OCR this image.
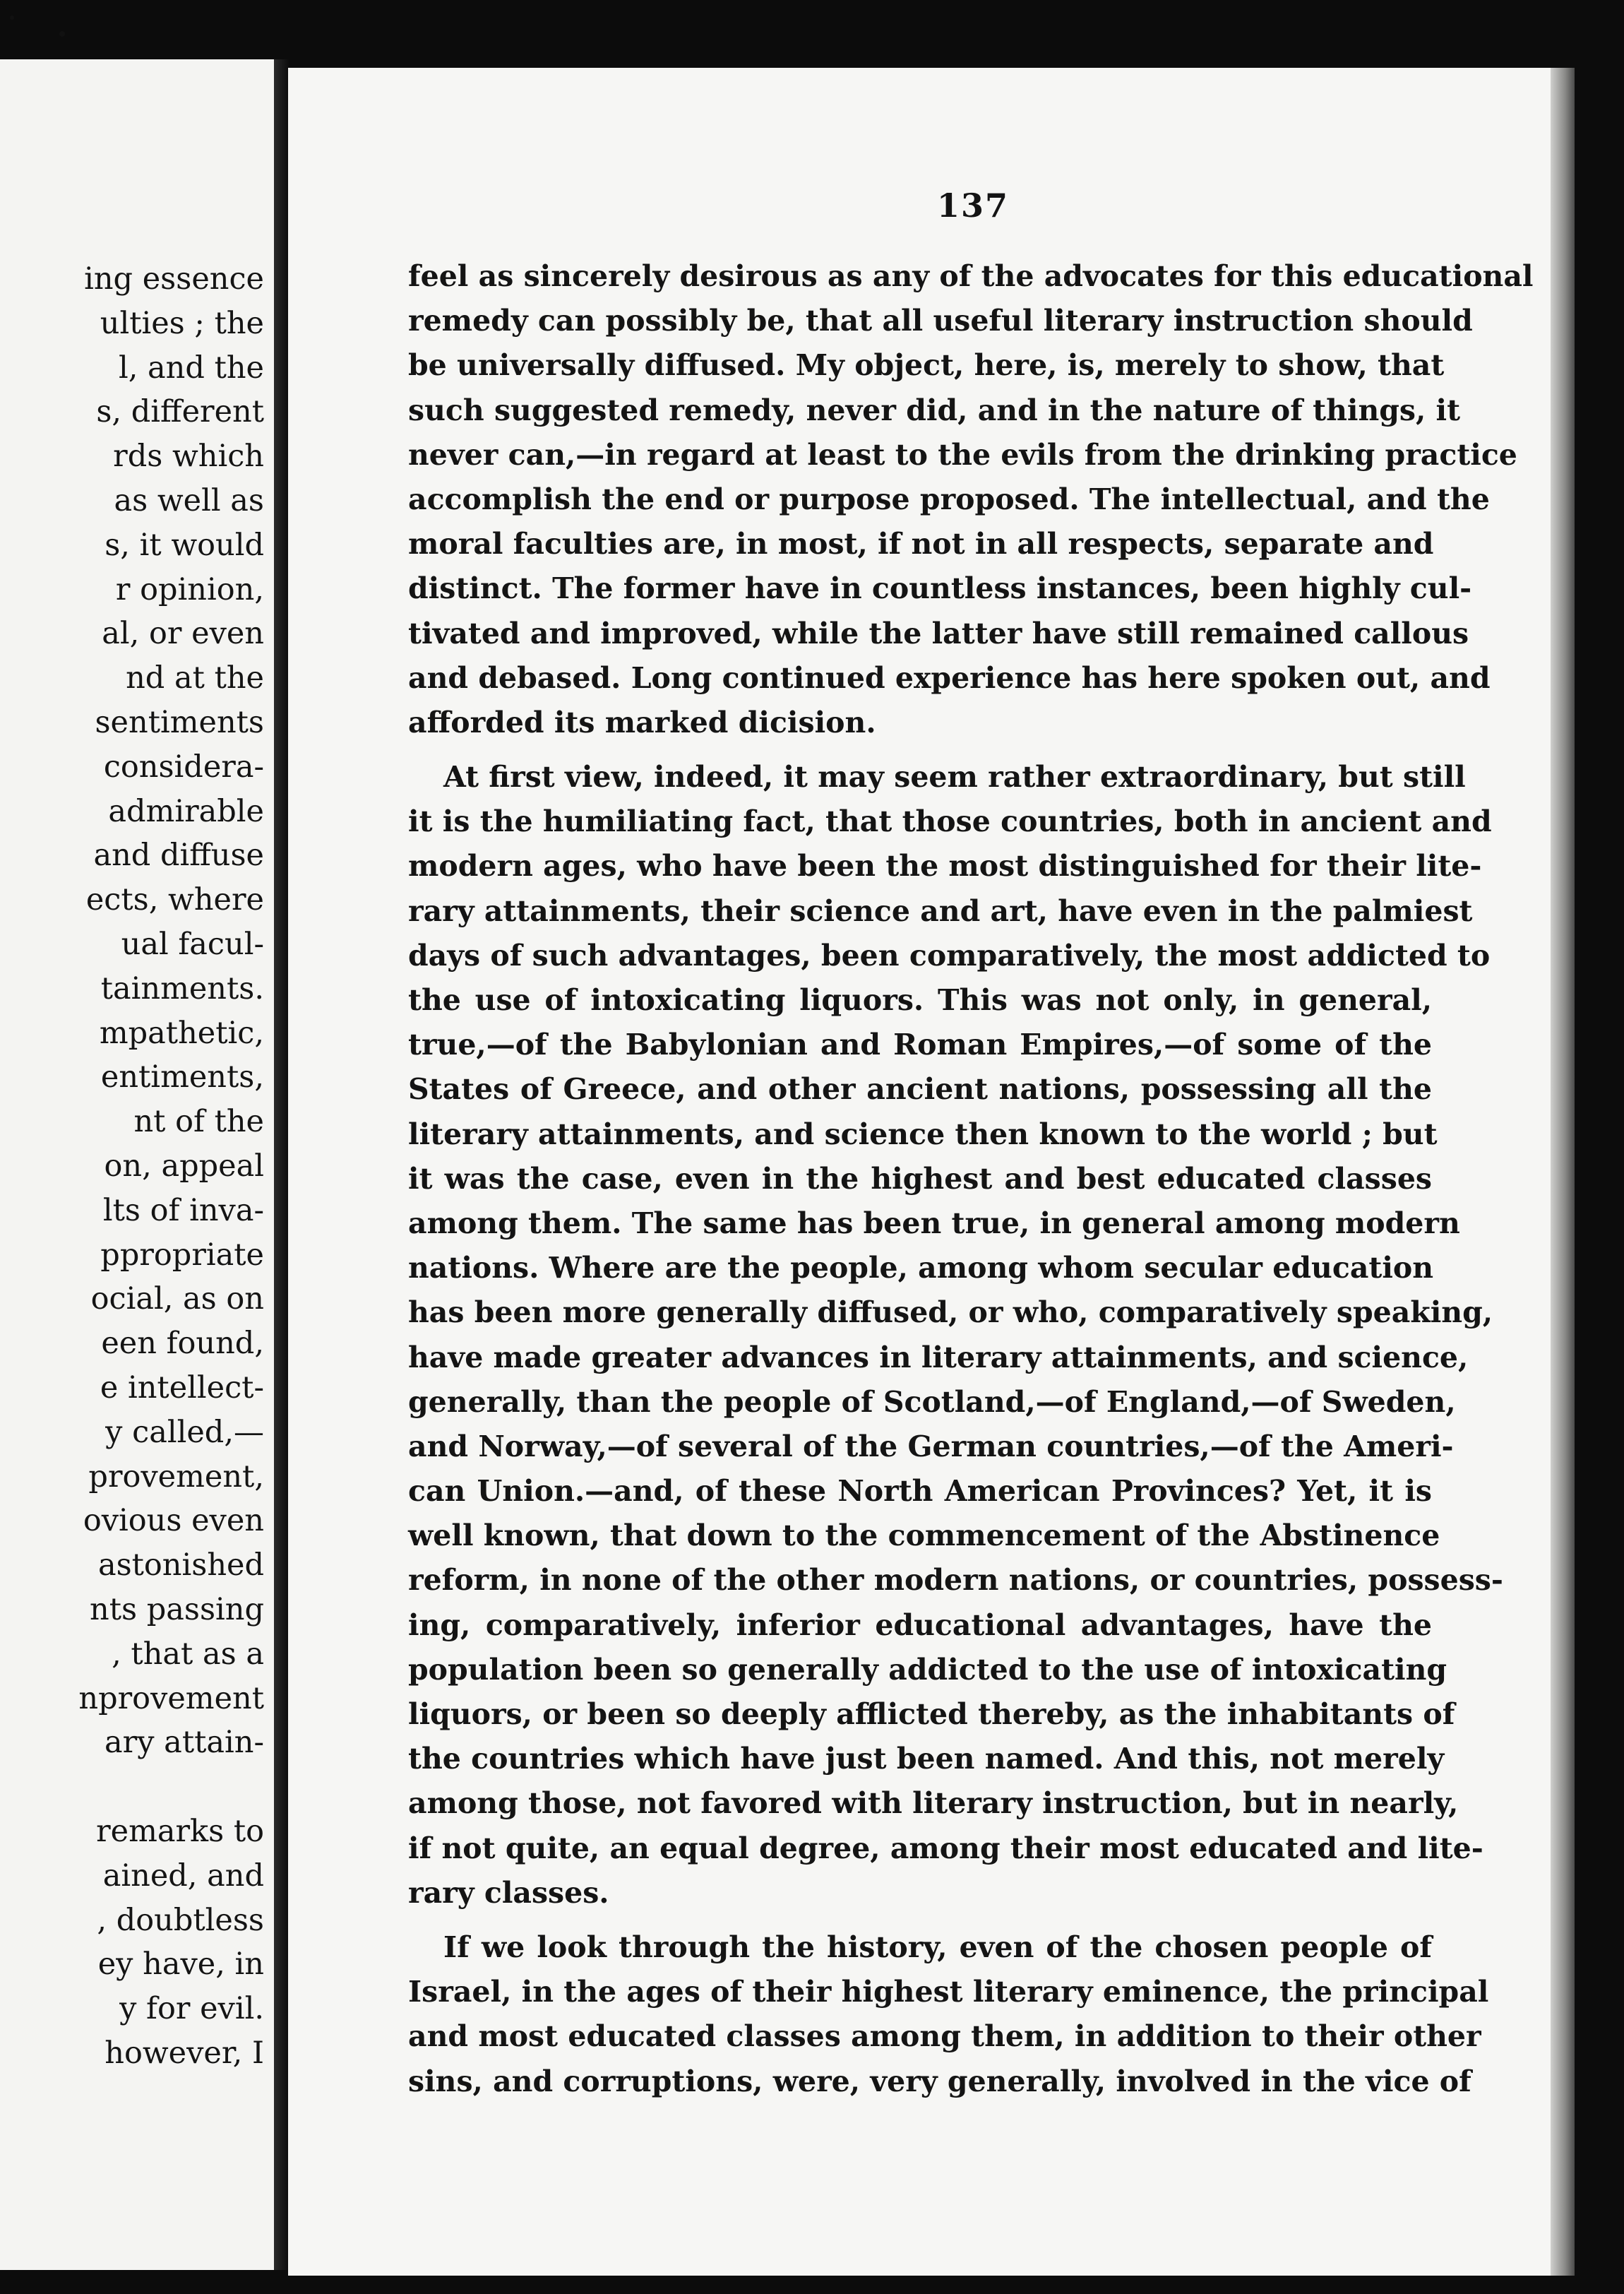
ing essence
ulties ; the
l, and the
s, different
rds which
as well as
s, it would
r opinion,
al, or even
nd at the
sentiments
considera-
admirable
and diffuse
ects, where
ual facul-
tainments.
mpathetic,
entiments,
nt of the
on, appeal
lts of inva-
ppropriate
ocial, as on
een found,
e intellect-
y called,—
provement,
ovious even
astonished
nts passing
, that as a
nprovement
ary attain-
remarks to
ained, and
, doubtless
ey have, in
y for evil.
however, I
137
feel as sincerely desirous as any of the advocates for this educational
remedy can possibly be, that all useful literary instruction should
be universally diffused. My object, here, is, merely to show, that
such suggested remedy, never did, and in the nature of things, it
never can,—in regard at least to the evils from the drinking practice
accomplish the end or purpose proposed. The intellectual, and the
moral faculties are, in most, if not in all respects, separate and
distinct. The former have in countless instances, been highly cul-
tivated and improved, while the latter have still remained callous
and debased. Long continued experience has here spoken out, and
afforded its marked dicision.
At first view, indeed, it may seem rather extraordinary, but still
it is the humiliating fact, that those countries, both in ancient and
modern ages, who have been the most distinguished for their lite-
rary attainments, their science and art, have even in the palmiest
days of such advantages, been comparatively, the most addicted to
the use of intoxicating liquors. This was not only, in general,
true,—of the Babylonian and Roman Empires,—of some of the
States of Greece, and other ancient nations, possessing all the
literary attainments, and science then known to the world ; but
it was the case, even in the highest and best educated classes
among them. The same has been true, in general among modern
nations. Where are the people, among whom secular education
has been more generally diffused, or who, comparatively speaking,
have made greater advances in literary attainments, and science,
generally, than the people of Scotland,—of England,—of Sweden,
and Norway,—of several of the German countries,—of the Ameri-
can Union.—and, of these North American Provinces? Yet, it is
well known, that down to the commencement of the Abstinence
reform, in none of the other modern nations, or countries, possess-
ing, comparatively, inferior educational advantages, have the
population been so generally addicted to the use of intoxicating
liquors, or been so deeply afflicted thereby, as the inhabitants of
the countries which have just been named. And this, not merely
among those, not favored with literary instruction, but in nearly,
if not quite, an equal degree, among their most educated and lite-
rary classes.
If we look through the history, even of the chosen people of
Israel, in the ages of their highest literary eminence, the principal
and most educated classes among them, in addition to their other
sins, and corruptions, were, very generally, involved in the vice of
